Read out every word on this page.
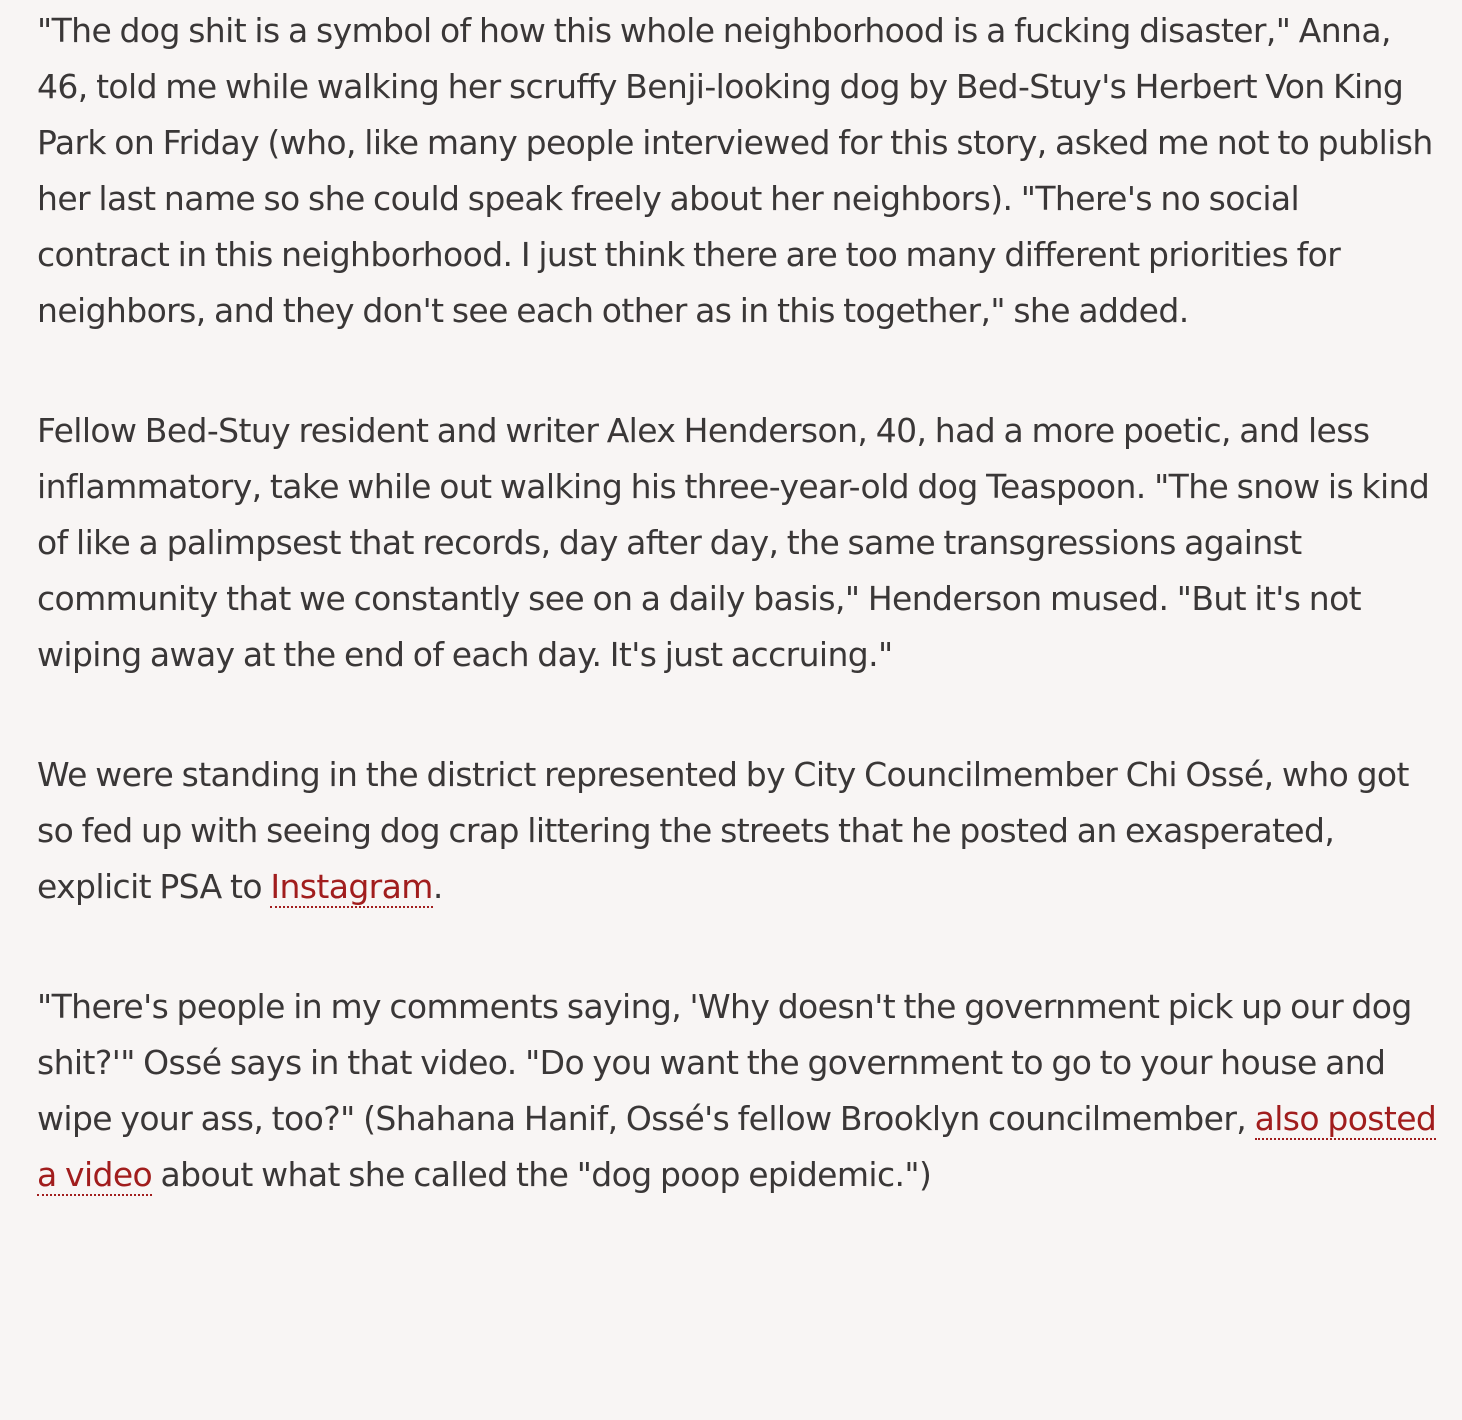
"The dog shit is a symbol of how this whole neighborhood is a fucking disaster," Anna, 46, told me while walking her scruffy Benji-looking dog by Bed-Stuy's Herbert Von King Park on Friday (who, like many people interviewed for this story, asked me not to publish her last name so she could speak freely about her neighbors). "There's no social contract in this neighborhood. I just think there are too many different priorities for neighbors, and they don't see each other as in this together," she added.

Fellow Bed-Stuy resident and writer Alex Henderson, 40, had a more poetic, and less inflammatory, take while out walking his three-year-old dog Teaspoon. "The snow is kind of like a palimpsest that records, day after day, the same transgressions against community that we constantly see on a daily basis," Henderson mused. "But it's not wiping away at the end of each day. It's just accruing."

We were standing in the district represented by City Councilmember Chi Ossé, who got so fed up with seeing dog crap littering the streets that he posted an exasperated, explicit PSA to Instagram.

"There's people in my comments saying, 'Why doesn't the government pick up our dog shit?'" Ossé says in that video. "Do you want the government to go to your house and wipe your ass, too?" (Shahana Hanif, Ossé's fellow Brooklyn councilmember, also posted a video about what she called the "dog poop epidemic.")
